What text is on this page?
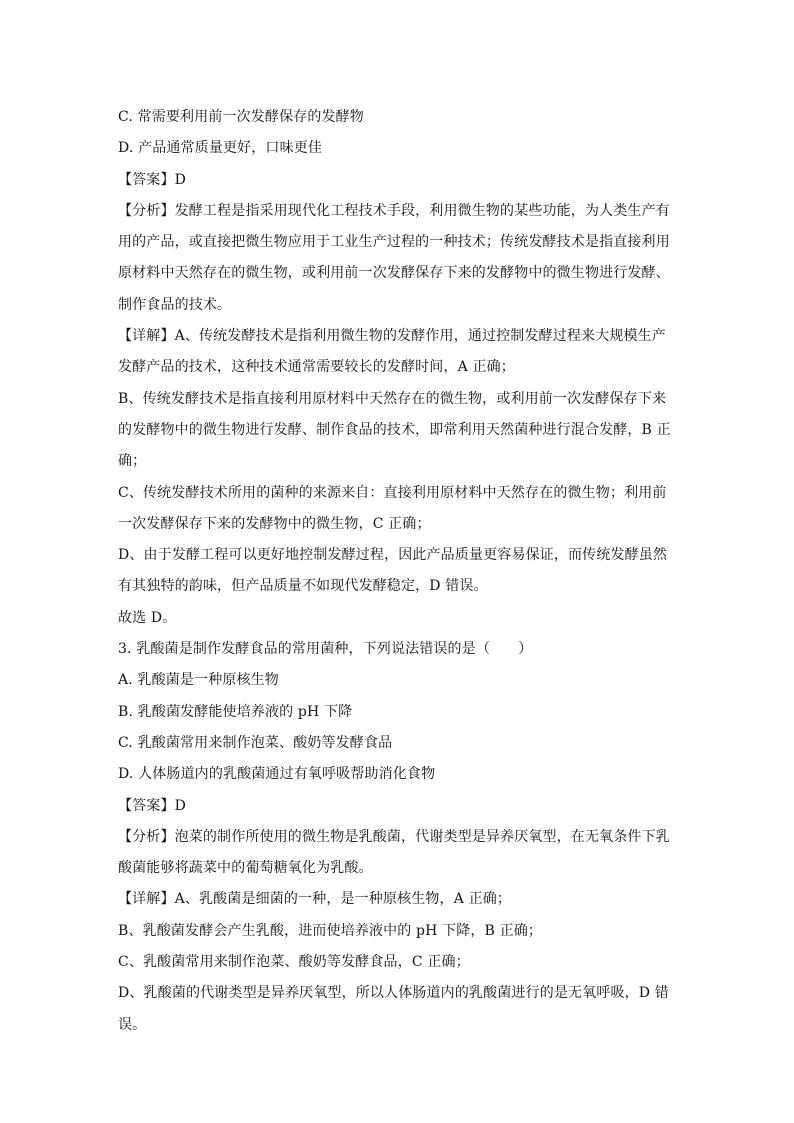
C. 常需要利用前一次发酵保存的发酵物

D. 产品通常质量更好，口味更佳

【答案】D

【分析】发酵工程是指采用现代化工程技术手段，利用微生物的某些功能，为人类生产有用的产品，或直接把微生物应用于工业生产过程的一种技术；传统发酵技术是指直接利用原材料中天然存在的微生物，或利用前一次发酵保存下来的发酵物中的微生物进行发酵、制作食品的技术。

【详解】A、传统发酵技术是指利用微生物的发酵作用，通过控制发酵过程来大规模生产发酵产品的技术，这种技术通常需要较长的发酵时间，A 正确；

B、传统发酵技术是指直接利用原材料中天然存在的微生物，或利用前一次发酵保存下来的发酵物中的微生物进行发酵、制作食品的技术，即常利用天然菌种进行混合发酵，B 正确；

C、传统发酵技术所用的菌种的来源来自：直接利用原材料中天然存在的微生物；利用前一次发酵保存下来的发酵物中的微生物，C 正确；

D、由于发酵工程可以更好地控制发酵过程，因此产品质量更容易保证，而传统发酵虽然有其独特的韵味，但产品质量不如现代发酵稳定，D 错误。

故选 D。

3. 乳酸菌是制作发酵食品的常用菌种，下列说法错误的是（　　）

A. 乳酸菌是一种原核生物

B. 乳酸菌发酵能使培养液的 pH 下降

C. 乳酸菌常用来制作泡菜、酸奶等发酵食品

D. 人体肠道内的乳酸菌通过有氧呼吸帮助消化食物

【答案】D

【分析】泡菜的制作所使用的微生物是乳酸菌，代谢类型是异养厌氧型，在无氧条件下乳酸菌能够将蔬菜中的葡萄糖氧化为乳酸。

【详解】A、乳酸菌是细菌的一种，是一种原核生物，A 正确；

B、乳酸菌发酵会产生乳酸，进而使培养液中的 pH 下降，B 正确；

C、乳酸菌常用来制作泡菜、酸奶等发酵食品，C 正确；

D、乳酸菌的代谢类型是异养厌氧型，所以人体肠道内的乳酸菌进行的是无氧呼吸，D 错误。
